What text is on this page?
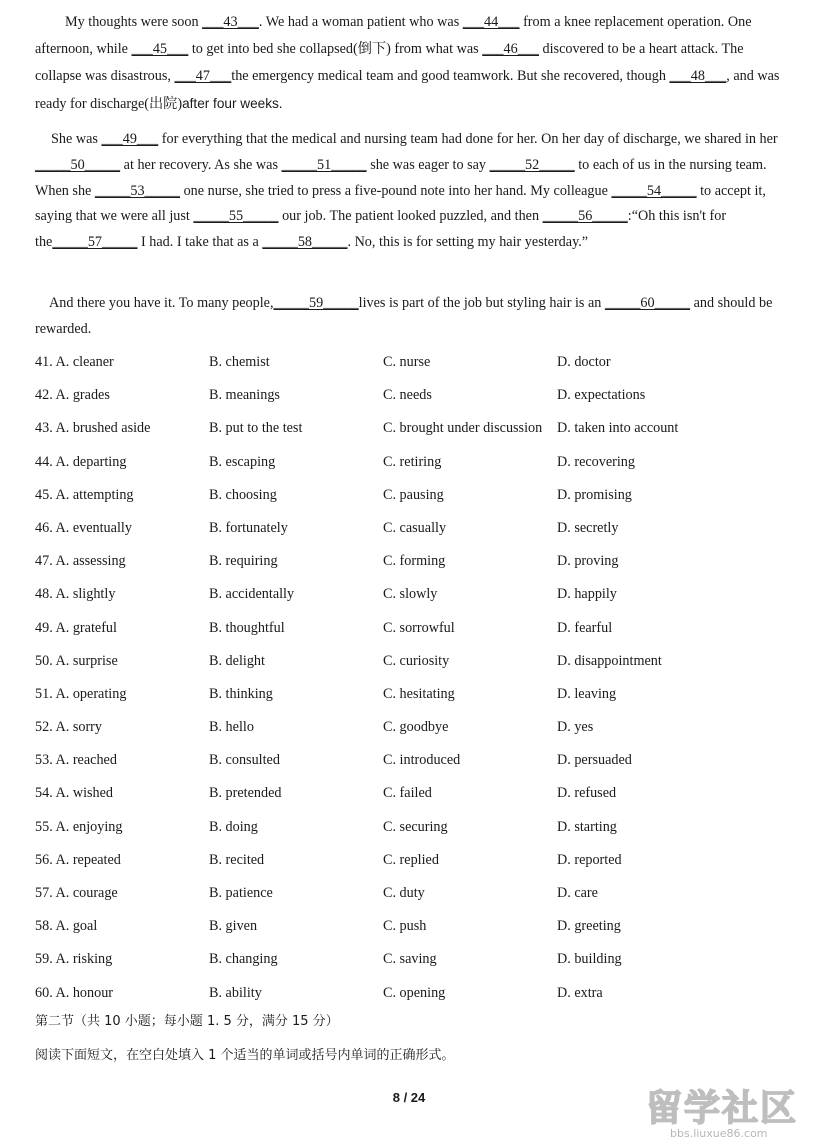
My thoughts were soon ___43___. We had a woman patient who was ___44___ from a knee replacement operation. One afternoon, while ___45___ to get into bed she collapsed(倒下) from what was ___46___ discovered to be a heart attack. The collapse was disastrous, ___47___the emergency medical team and good teamwork. But she recovered, though ___48___, and was ready for discharge(出院)after four weeks.
She was ___49___ for everything that the medical and nursing team had done for her. On her day of discharge, we shared in her _____50_____ at her recovery. As she was _____51_____ she was eager to say _____52_____ to each of us in the nursing team. When she _____53_____ one nurse, she tried to press a five-pound note into her hand. My colleague _____54_____ to accept it, saying that we were all just _____55_____ our job. The patient looked puzzled, and then _____56_____:“Oh this isn't for the_____57_____ I had. I take that as a _____58_____. No, this is for setting my hair yesterday.”
And there you have it. To many people,_____59_____lives is part of the job but styling hair is an _____60_____ and should be rewarded.
41. A. cleaner	B. chemist	C. nurse	D. doctor
42. A. grades	B. meanings	C. needs	D. expectations
43. A. brushed aside	B. put to the test	C. brought under discussion D. taken into account
44. A. departing	B. escaping	C. retiring	D. recovering
45. A. attempting	B. choosing	C. pausing	D. promising
46. A. eventually	B. fortunately	C. casually	D. secretly
47. A. assessing	B. requiring	C. forming	D. proving
48. A. slightly	B. accidentally	C. slowly	D. happily
49. A. grateful	B. thoughtful	C. sorrowful	D. fearful
50. A. surprise	B. delight	C. curiosity	D. disappointment
51. A. operating	B. thinking	C. hesitating	D. leaving
52. A. sorry	B. hello	C. goodbye	D. yes
53. A. reached	B. consulted	C. introduced	D. persuaded
54. A. wished	B. pretended	C. failed	D. refused
55. A. enjoying	B. doing	C. securing	D. starting
56. A. repeated	B. recited	C. replied	D. reported
57. A. courage	B. patience	C. duty	D. care
58. A. goal	B. given	C. push	D. greeting
59. A. risking	B. changing	C. saving	D. building
60. A. honour	B. ability	C. opening	D. extra
第二节（共 10 小题；每小题 1. 5 分，满分 15 分）
阅读下面短文，在空白处填入 1 个适当的单词或括号内单词的正确形式。
8 / 24	留学社区
bbs.liuxue86.com
